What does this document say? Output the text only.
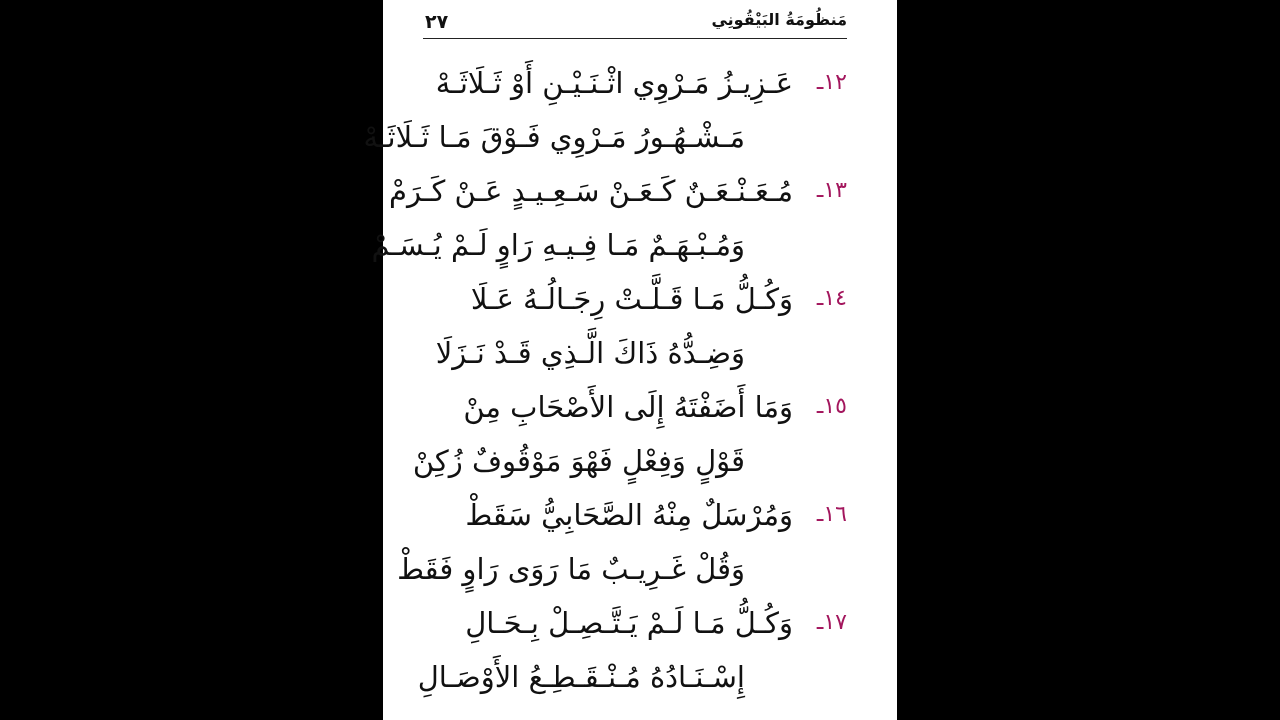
٢٧	مَنظُومَةُ البَيْقُونِي
١٢ـ
عَـزِيـزُ مَـرْوِي اثْـنَـيْـنِ أَوْ ثَـلَاثَـهْ
مَـشْـهُـورُ مَـرْوِي فَـوْقَ مَـا ثَـلَاثَـهْ
١٣ـ
مُـعَـنْـعَـنٌ كَـعَـنْ سَـعِـيـدٍ عَـنْ كَـرَمْ
وَمُـبْـهَـمٌ مَـا فِـيـهِ رَاوٍ لَـمْ يُـسَـمْ
١٤ـ
وَكُـلُّ مَـا قَـلَّـتْ رِجَـالُـهُ عَـلَا
وَضِـدُّهُ ذَاكَ الَّـذِي قَـدْ نَـزَلَا
١٥ـ
وَمَا أَضَفْتَهُ إِلَى الأَصْحَابِ مِنْ
قَوْلٍ وَفِعْلٍ فَهْوَ مَوْقُوفٌ زُكِنْ
١٦ـ
وَمُرْسَلٌ مِنْهُ الصَّحَابِيُّ سَقَطْ
وَقُلْ غَـرِيـبٌ مَا رَوَى رَاوٍ فَقَطْ
١٧ـ
وَكُـلُّ مَـا لَـمْ يَـتَّـصِـلْ بِـحَـالِ
إِسْـنَـادُهُ مُـنْـقَـطِـعُ الأَوْصَـالِ
